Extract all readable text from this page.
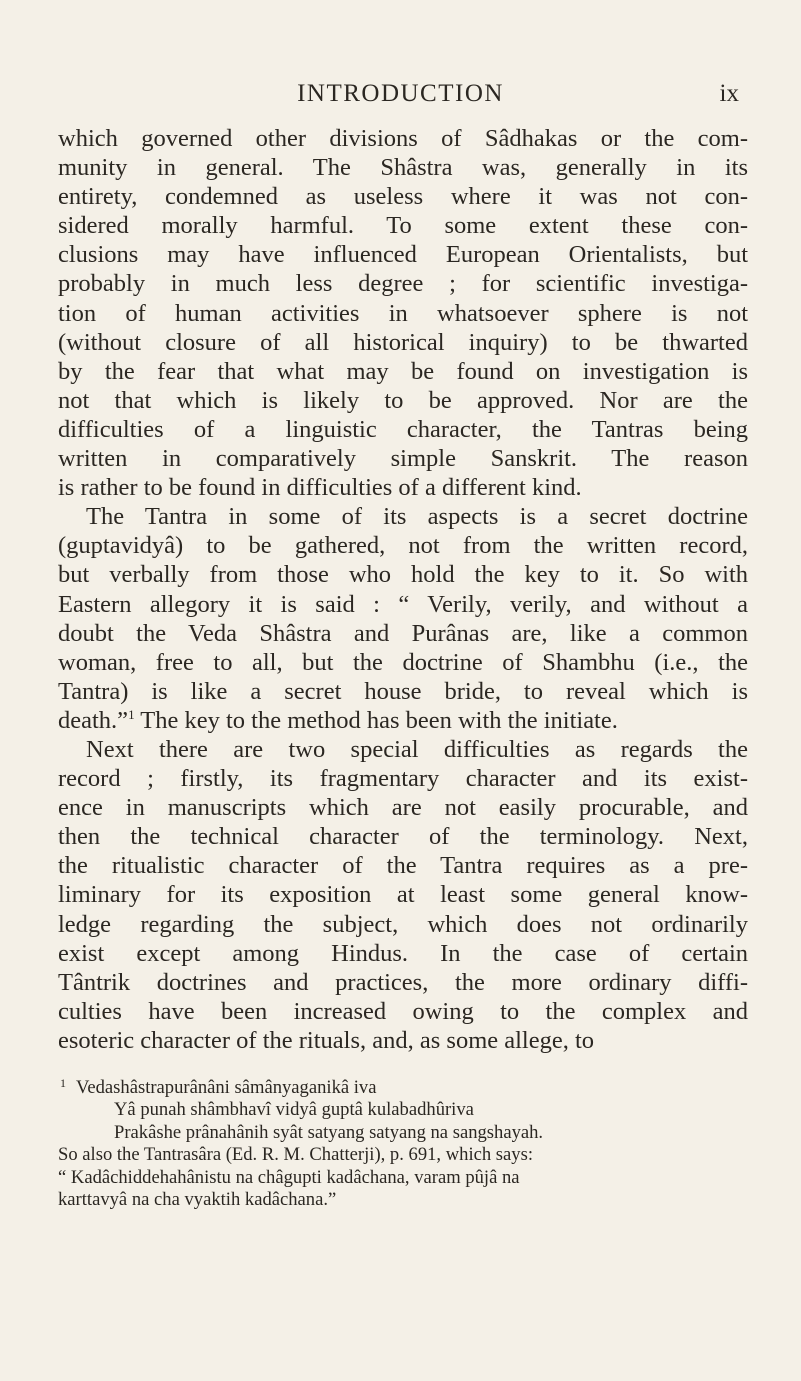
INTRODUCTION	ix

which governed other divisions of Sâdhakas or the com-
munity in general. The Shâstra was, generally in its
entirety, condemned as useless where it was not con-
sidered morally harmful. To some extent these con-
clusions may have influenced European Orientalists, but
probably in much less degree ; for scientific investiga-
tion of human activities in whatsoever sphere is not
(without closure of all historical inquiry) to be thwarted
by the fear that what may be found on investigation is
not that which is likely to be approved. Nor are the
difficulties of a linguistic character, the Tantras being
written in comparatively simple Sanskrit. The reason
is rather to be found in difficulties of a different kind.

The Tantra in some of its aspects is a secret doctrine
(guptavidyâ) to be gathered, not from the written record,
but verbally from those who hold the key to it. So with
Eastern allegory it is said : “ Verily, verily, and without a
doubt the Veda Shâstra and Purânas are, like a common
woman, free to all, but the doctrine of Shambhu (i.e., the
Tantra) is like a secret house bride, to reveal which is
death.”$^1$ The key to the method has been with the initiate.

Next there are two special difficulties as regards the
record ; firstly, its fragmentary character and its exist-
ence in manuscripts which are not easily procurable, and
then the technical character of the terminology. Next,
the ritualistic character of the Tantra requires as a pre-
liminary for its exposition at least some general know-
ledge regarding the subject, which does not ordinarily
exist except among Hindus. In the case of certain
Tântrik doctrines and practices, the more ordinary diffi-
culties have been increased owing to the complex and
esoteric character of the rituals, and, as some allege, to

$^1$ Vedashâstrapurânâni sâmânyaganikâ iva
Yâ punah shâmbhavî vidyâ guptâ kulabadhûriva
Prakâshe prânahânih syât satyang satyang na sangshayah.
So also the Tantrasâra (Ed. R. M. Chatterji), p. 691, which says:
“ Kadâchiddehahânistu na châgupti kadâchana, varam pûjâ na
karttavyâ na cha vyaktih kadâchana.”
